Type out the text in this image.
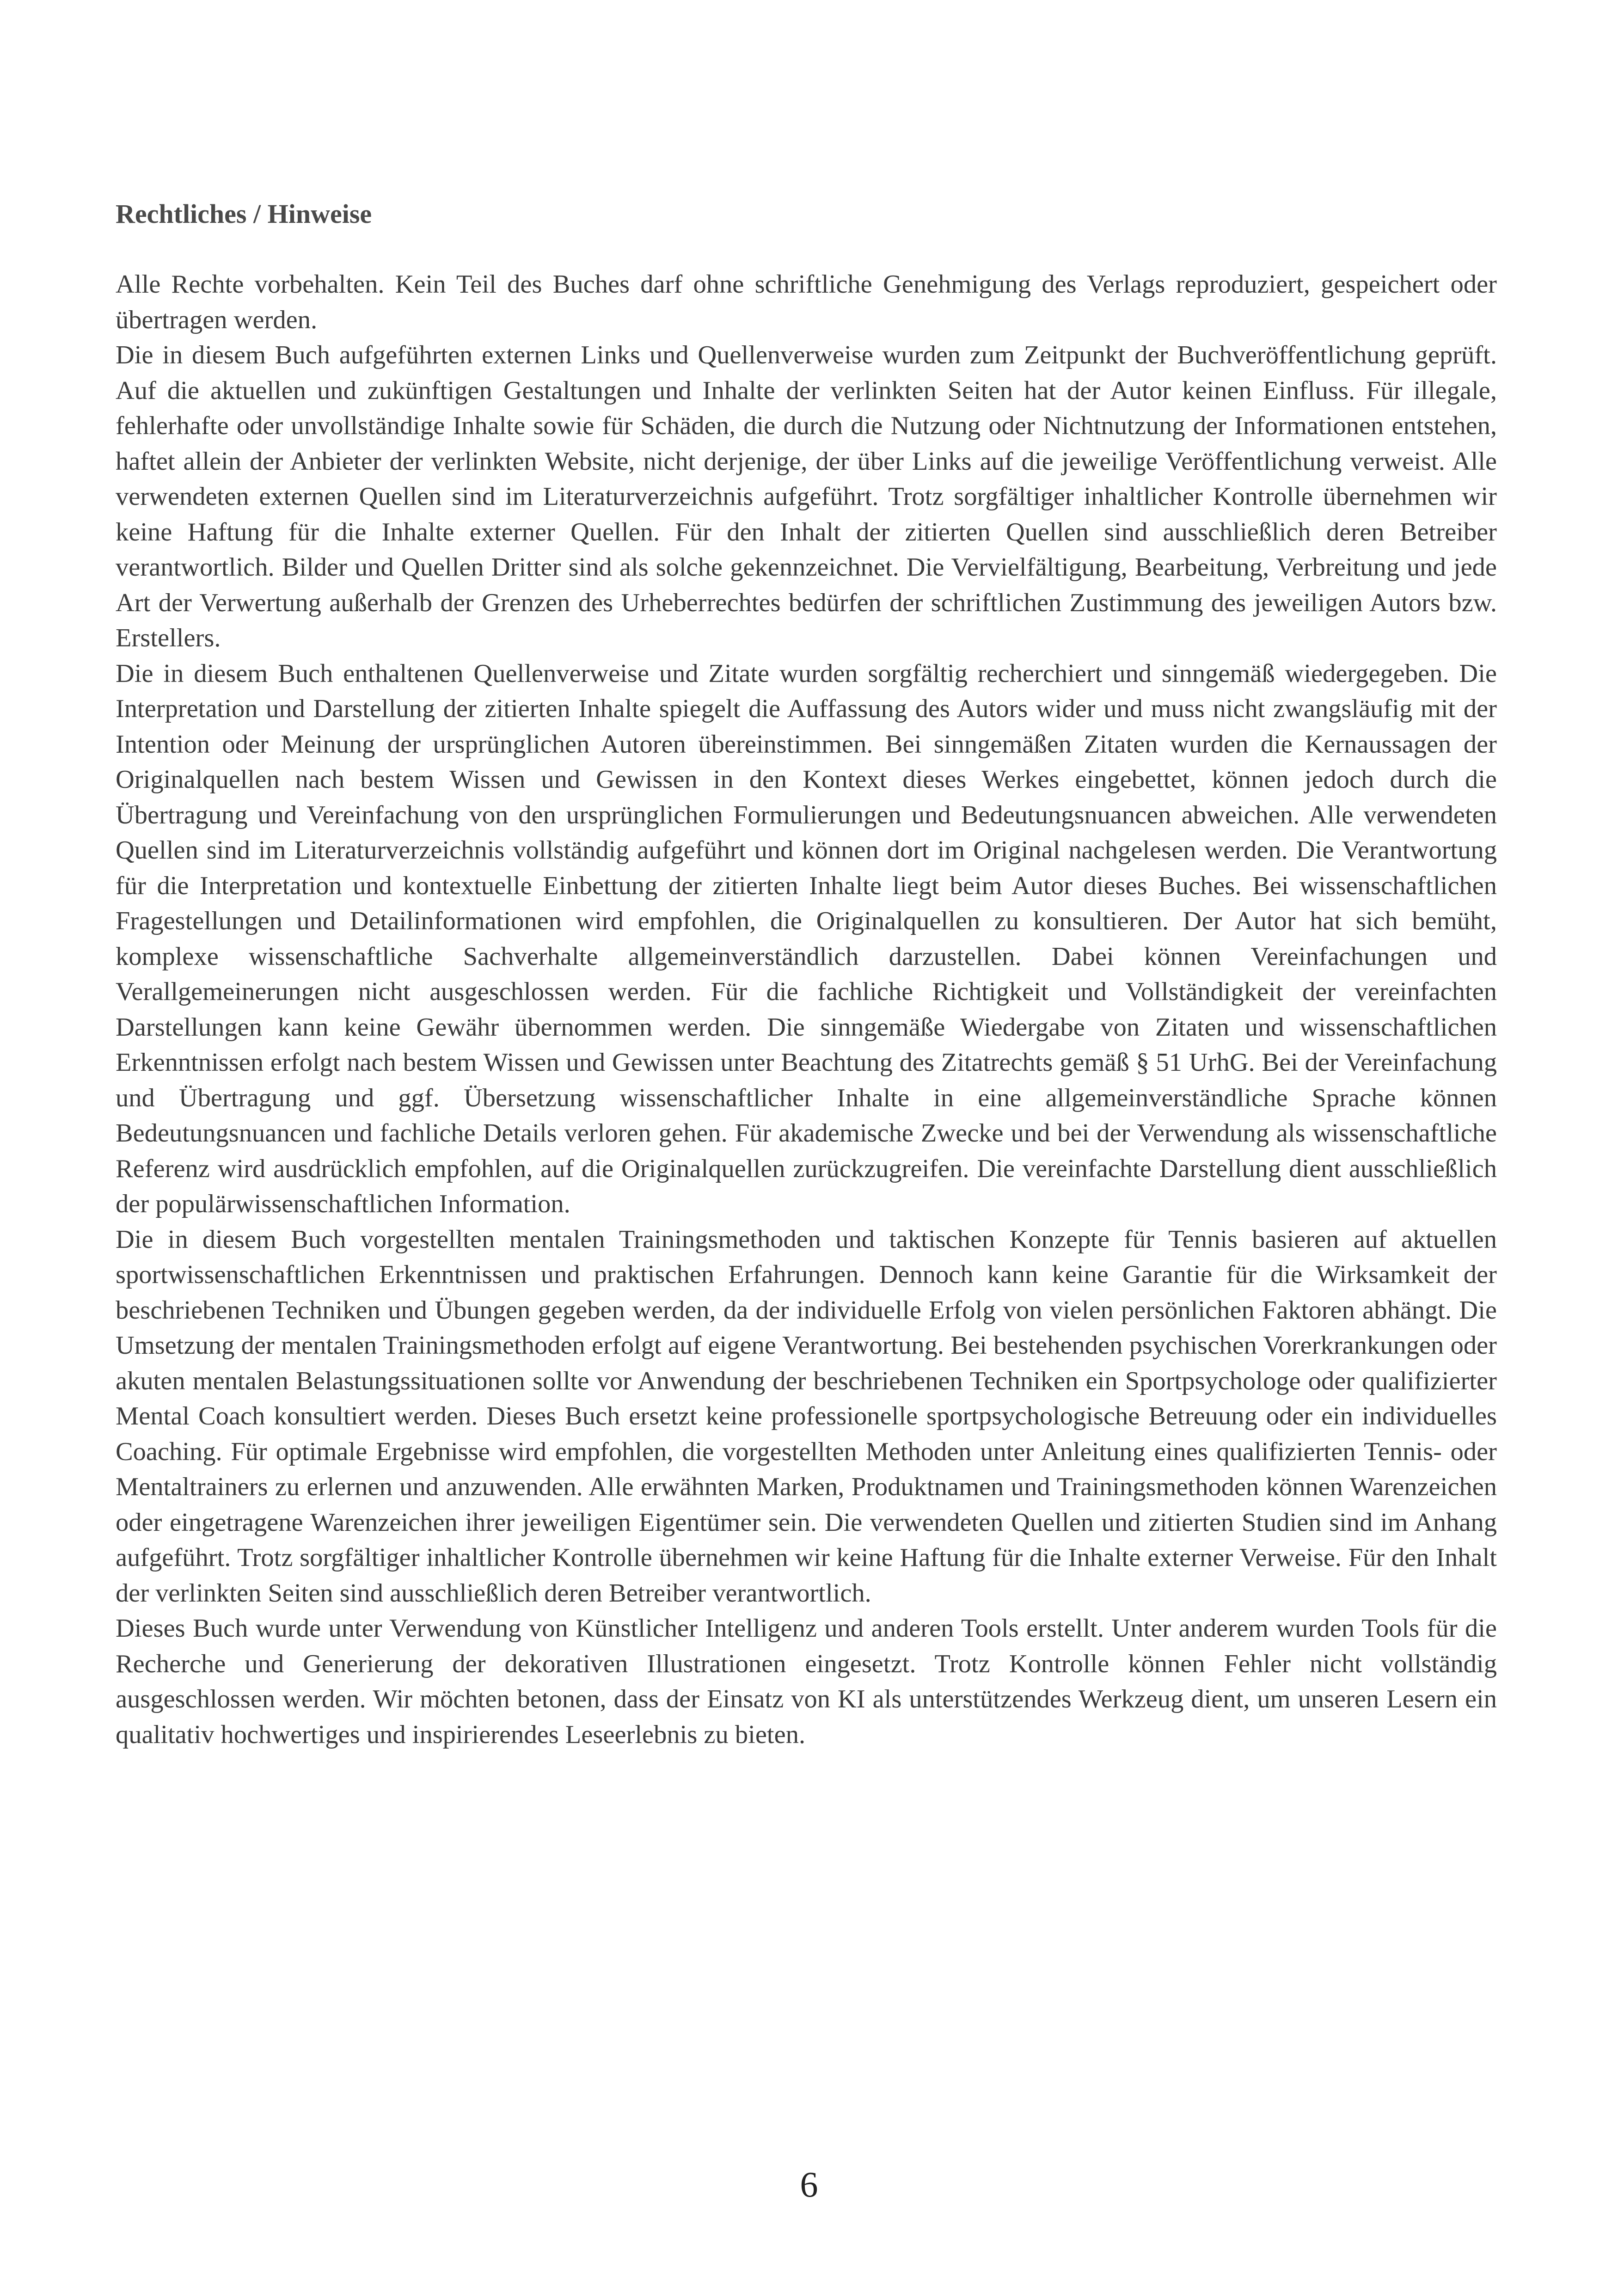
Rechtliches / Hinweise

Alle Rechte vorbehalten. Kein Teil des Buches darf ohne schriftliche Genehmigung des Verlags reproduziert, gespeichert oder übertragen werden.

Die in diesem Buch aufgeführten externen Links und Quellenverweise wurden zum Zeitpunkt der Buchveröffentlichung geprüft. Auf die aktuellen und zukünftigen Gestaltungen und Inhalte der verlinkten Seiten hat der Autor keinen Einfluss. Für illegale, fehlerhafte oder unvollständige Inhalte sowie für Schäden, die durch die Nutzung oder Nichtnutzung der Informationen entstehen, haftet allein der Anbieter der verlinkten Website, nicht derjenige, der über Links auf die jeweilige Veröffentlichung verweist. Alle verwendeten externen Quellen sind im Literaturverzeichnis aufgeführt. Trotz sorgfältiger inhaltlicher Kontrolle übernehmen wir keine Haftung für die Inhalte externer Quellen. Für den Inhalt der zitierten Quellen sind ausschließlich deren Betreiber verantwortlich. Bilder und Quellen Dritter sind als solche gekennzeichnet. Die Vervielfältigung, Bearbeitung, Verbreitung und jede Art der Verwertung außerhalb der Grenzen des Urheberrechtes bedürfen der schriftlichen Zustimmung des jeweiligen Autors bzw. Erstellers.

Die in diesem Buch enthaltenen Quellenverweise und Zitate wurden sorgfältig recherchiert und sinngemäß wiedergegeben. Die Interpretation und Darstellung der zitierten Inhalte spiegelt die Auffassung des Autors wider und muss nicht zwangsläufig mit der Intention oder Meinung der ursprünglichen Autoren übereinstimmen. Bei sinngemäßen Zitaten wurden die Kernaussagen der Originalquellen nach bestem Wissen und Gewissen in den Kontext dieses Werkes eingebettet, können jedoch durch die Übertragung und Vereinfachung von den ursprünglichen Formulierungen und Bedeutungsnuancen abweichen. Alle verwendeten Quellen sind im Literaturverzeichnis vollständig aufgeführt und können dort im Original nachgelesen werden. Die Verantwortung für die Interpretation und kontextuelle Einbettung der zitierten Inhalte liegt beim Autor dieses Buches. Bei wissenschaftlichen Fragestellungen und Detailinformationen wird empfohlen, die Originalquellen zu konsultieren. Der Autor hat sich bemüht, komplexe wissenschaftliche Sachverhalte allgemeinverständlich darzustellen. Dabei können Vereinfachungen und Verallgemeinerungen nicht ausgeschlossen werden. Für die fachliche Richtigkeit und Vollständigkeit der vereinfachten Darstellungen kann keine Gewähr übernommen werden. Die sinngemäße Wiedergabe von Zitaten und wissenschaftlichen Erkenntnissen erfolgt nach bestem Wissen und Gewissen unter Beachtung des Zitatrechts gemäß § 51 UrhG. Bei der Vereinfachung und Übertragung und ggf. Übersetzung wissenschaftlicher Inhalte in eine allgemeinverständliche Sprache können Bedeutungsnuancen und fachliche Details verloren gehen. Für akademische Zwecke und bei der Verwendung als wissenschaftliche Referenz wird ausdrücklich empfohlen, auf die Originalquellen zurückzugreifen. Die vereinfachte Darstellung dient ausschließlich der populärwissenschaftlichen Information.

Die in diesem Buch vorgestellten mentalen Trainingsmethoden und taktischen Konzepte für Tennis basieren auf aktuellen sportwissenschaftlichen Erkenntnissen und praktischen Erfahrungen. Dennoch kann keine Garantie für die Wirksamkeit der beschriebenen Techniken und Übungen gegeben werden, da der individuelle Erfolg von vielen persönlichen Faktoren abhängt. Die Umsetzung der mentalen Trainingsmethoden erfolgt auf eigene Verantwortung. Bei bestehenden psychischen Vorerkrankungen oder akuten mentalen Belastungssituationen sollte vor Anwendung der beschriebenen Techniken ein Sportpsychologe oder qualifizierter Mental Coach konsultiert werden. Dieses Buch ersetzt keine professionelle sportpsychologische Betreuung oder ein individuelles Coaching. Für optimale Ergebnisse wird empfohlen, die vorgestellten Methoden unter Anleitung eines qualifizierten Tennis- oder Mentaltrainers zu erlernen und anzuwenden. Alle erwähnten Marken, Produktnamen und Trainingsmethoden können Warenzeichen oder eingetragene Warenzeichen ihrer jeweiligen Eigentümer sein. Die verwendeten Quellen und zitierten Studien sind im Anhang aufgeführt. Trotz sorgfältiger inhaltlicher Kontrolle übernehmen wir keine Haftung für die Inhalte externer Verweise. Für den Inhalt der verlinkten Seiten sind ausschließlich deren Betreiber verantwortlich.

Dieses Buch wurde unter Verwendung von Künstlicher Intelligenz und anderen Tools erstellt. Unter anderem wurden Tools für die Recherche und Generierung der dekorativen Illustrationen eingesetzt. Trotz Kontrolle können Fehler nicht vollständig ausgeschlossen werden. Wir möchten betonen, dass der Einsatz von KI als unterstützendes Werkzeug dient, um unseren Lesern ein qualitativ hochwertiges und inspirierendes Leseerlebnis zu bieten.

6
